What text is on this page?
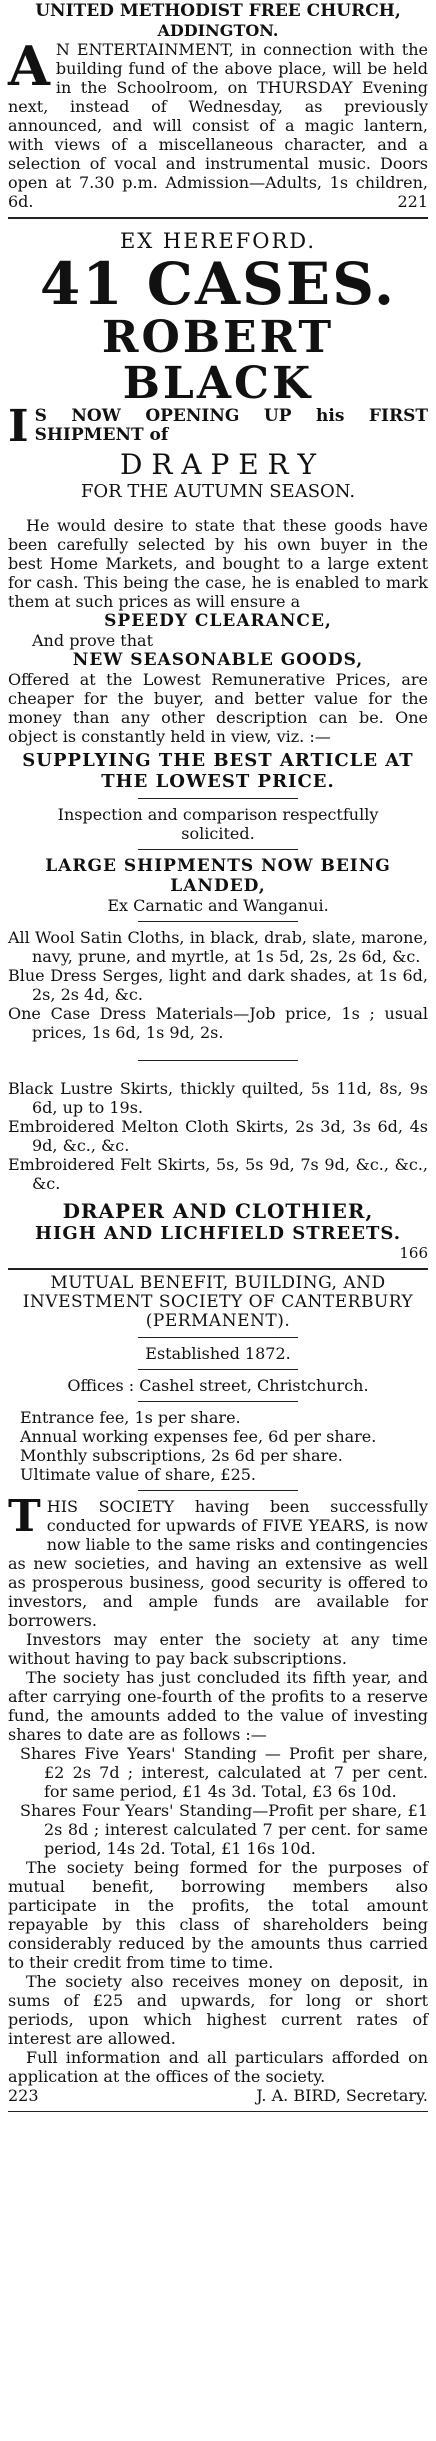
UNITED METHODIST FREE CHURCH,
ADDINGTON.
A N ENTERTAINMENT, in connection with the building fund of the above place, will be held in the Schoolroom, on THURSDAY Evening next, instead of Wednesday, as previously announced, and will consist of a magic lantern, with views of a miscellaneous character, and a selection of vocal and instrumental music. Doors open at 7.30 p.m. Admission—Adults, 1s children, 6d.	221
EX HEREFORD.
41 CASES.
ROBERT BLACK
I S NOW OPENING UP his FIRST SHIPMENT of
D R A P E R Y
FOR THE AUTUMN SEASON.
He would desire to state that these goods have been carefully selected by his own buyer in the best Home Markets, and bought to a large extent for cash. This being the case, he is enabled to mark them at such prices as will ensure a
SPEEDY CLEARANCE,
And prove that
NEW SEASONABLE GOODS,
Offered at the Lowest Remunerative Prices, are cheaper for the buyer, and better value for the money than any other description can be. One object is constantly held in view, viz. :—
SUPPLYING THE BEST ARTICLE AT
THE LOWEST PRICE.
Inspection and comparison respectfully
solicited.
LARGE SHIPMENTS NOW BEING
LANDED,
Ex Carnatic and Wanganui.
All Wool Satin Cloths, in black, drab, slate, marone, navy, prune, and myrtle, at 1s 5d, 2s, 2s 6d, &c.
Blue Dress Serges, light and dark shades, at 1s 6d, 2s, 2s 4d, &c.
One Case Dress Materials—Job price, 1s ; usual prices, 1s 6d, 1s 9d, 2s.
Black Lustre Skirts, thickly quilted, 5s 11d, 8s, 9s 6d, up to 19s.
Embroidered Melton Cloth Skirts, 2s 3d, 3s 6d, 4s 9d, &c., &c.
Embroidered Felt Skirts, 5s, 5s 9d, 7s 9d, &c., &c., &c.
DRAPER AND CLOTHIER,
HIGH AND LICHFIELD STREETS.
166
MUTUAL BENEFIT, BUILDING, AND INVESTMENT SOCIETY OF CANTERBURY (PERMANENT).
Established 1872.
Offices : Cashel street, Christchurch.
Entrance fee, 1s per share.
Annual working expenses fee, 6d per share.
Monthly subscriptions, 2s 6d per share.
Ultimate value of share, £25.
THIS SOCIETY having been successfully conducted for upwards of FIVE YEARS, is now now liable to the same risks and contingencies as new societies, and having an extensive as well as prosperous business, good security is offered to investors, and ample funds are available for borrowers.
Investors may enter the society at any time without having to pay back subscriptions.
The society has just concluded its fifth year, and after carrying one-fourth of the profits to a reserve fund, the amounts added to the value of investing shares to date are as follows :—
Shares Five Years' Standing — Profit per share, £2 2s 7d ; interest, calculated at 7 per cent. for same period, £1 4s 3d. Total, £3 6s 10d.
Shares Four Years' Standing—Profit per share, £1 2s 8d ; interest calculated 7 per cent. for same period, 14s 2d. Total, £1 16s 10d.
The society being formed for the purposes of mutual benefit, borrowing members also participate in the profits, the total amount repayable by this class of shareholders being considerably reduced by the amounts thus carried to their credit from time to time.
The society also receives money on deposit, in sums of £25 and upwards, for long or short periods, upon which highest current rates of interest are allowed.
Full information and all particulars afforded on application at the offices of the society.
223	J. A. BIRD, Secretary.
